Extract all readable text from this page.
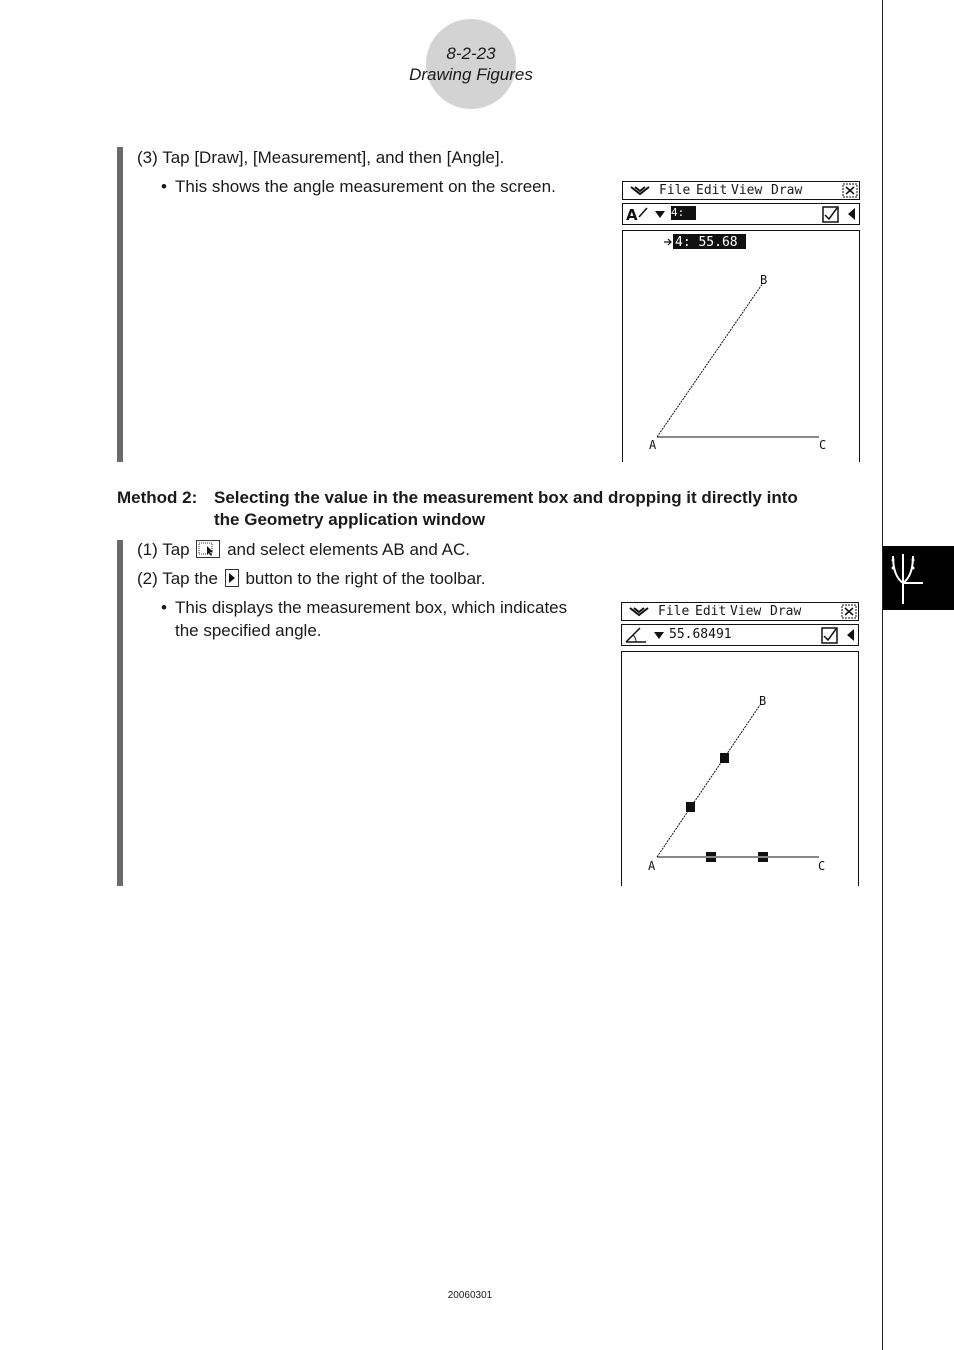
8-2-23
Drawing Figures
(3) Tap [Draw], [Measurement], and then [Angle].
• This shows the angle measurement on the screen.	File Edit View Draw
A	4:
4: 55.68
A
B
C
Method 2: Selecting the value in the measurement box and dropping it directly into
the Geometry application window
(1) Tap and select elements AB and AC.
(2) Tap the button to the right of the toolbar.
• This displays the measurement box, which indicates
the specified angle.
File Edit View Draw
55.68491
A
B
C
20060301
